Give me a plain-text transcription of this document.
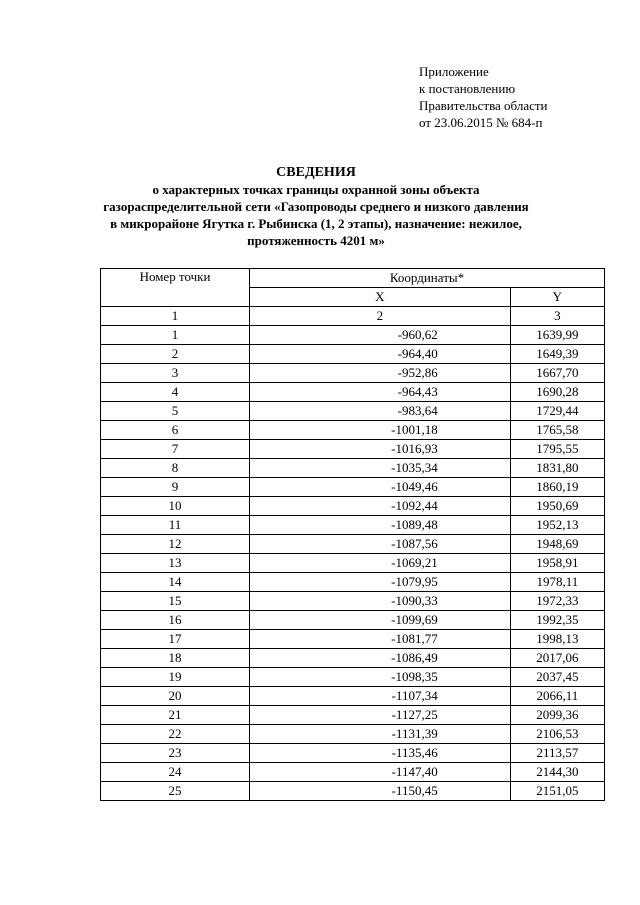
Приложение
к постановлению
Правительства области
от 23.06.2015 № 684-п
СВЕДЕНИЯ
о характерных точках границы охранной зоны объекта
газораспределительной сети «Газопроводы среднего и низкого давления
в микрорайоне Ягутка г. Рыбинска (1, 2 этапы), назначение: нежилое,
протяженность 4201 м»
Номер точки	Координаты*	
	X	Y
1	2	3
1	-960,62	1639,99
2	-964,40	1649,39
3	-952,86	1667,70
4	-964,43	1690,28
5	-983,64	1729,44
6	-1001,18	1765,58
7	-1016,93	1795,55
8	-1035,34	1831,80
9	-1049,46	1860,19
10	-1092,44	1950,69
11	-1089,48	1952,13
12	-1087,56	1948,69
13	-1069,21	1958,91
14	-1079,95	1978,11
15	-1090,33	1972,33
16	-1099,69	1992,35
17	-1081,77	1998,13
18	-1086,49	2017,06
19	-1098,35	2037,45
20	-1107,34	2066,11
21	-1127,25	2099,36
22	-1131,39	2106,53
23	-1135,46	2113,57
24	-1147,40	2144,30
25	-1150,45	2151,05
